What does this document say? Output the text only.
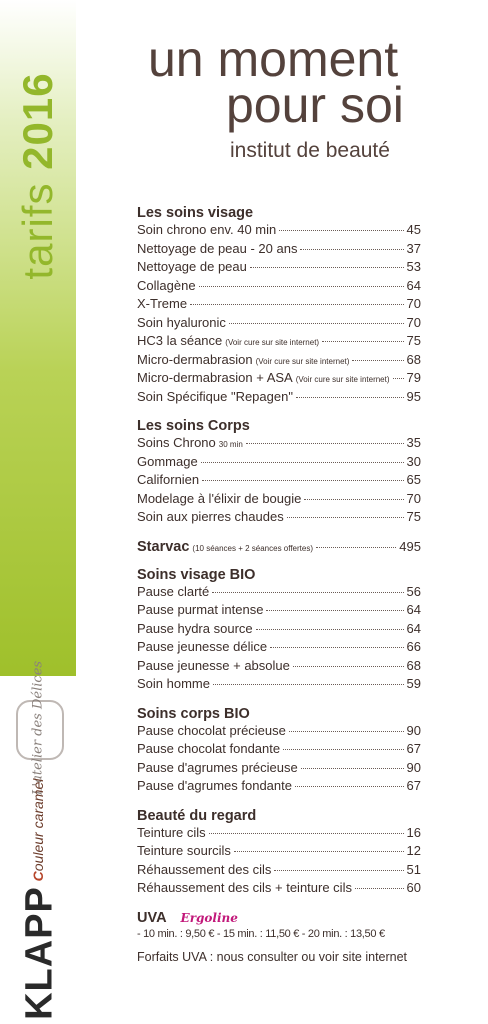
tarifs 2016
L'atelier des Délices
Couleur caramel
KLAPP
un moment
pour soi
institut de beauté
Les soins visage
Soin chrono env. 40 min	45
Nettoyage de peau - 20 ans	37
Nettoyage de peau	53
Collagène	64
X-Treme	70
Soin hyaluronic	70
HC3 la séance (Voir cure sur site internet)	75
Micro-dermabrasion (Voir cure sur site internet)	68
Micro-dermabrasion + ASA (Voir cure sur site internet) 79
Soin Spécifique "Repagen"	95
Les soins Corps
Soins Chrono 30 min	35
Gommage	30
Californien	65
Modelage à l'élixir de bougie	70
Soin aux pierres chaudes	75
Starvac (10 séances + 2 séances offertes)	495
Soins visage BIO
Pause clarté	56
Pause purmat intense	64
Pause hydra source	64
Pause jeunesse délice	66
Pause jeunesse + absolue	68
Soin homme	59
Soins corps BIO
Pause chocolat précieuse	90
Pause chocolat fondante	67
Pause d'agrumes précieuse	90
Pause d'agrumes fondante	67
Beauté du regard
Teinture cils	16
Teinture sourcils	12
Réhaussement des cils	51
Réhaussement des cils + teinture cils	60
UVA Ergoline
- 10 min. : 9,50 € - 15 min. : 11,50 € - 20 min. : 13,50 €
Forfaits UVA : nous consulter ou voir site internet
